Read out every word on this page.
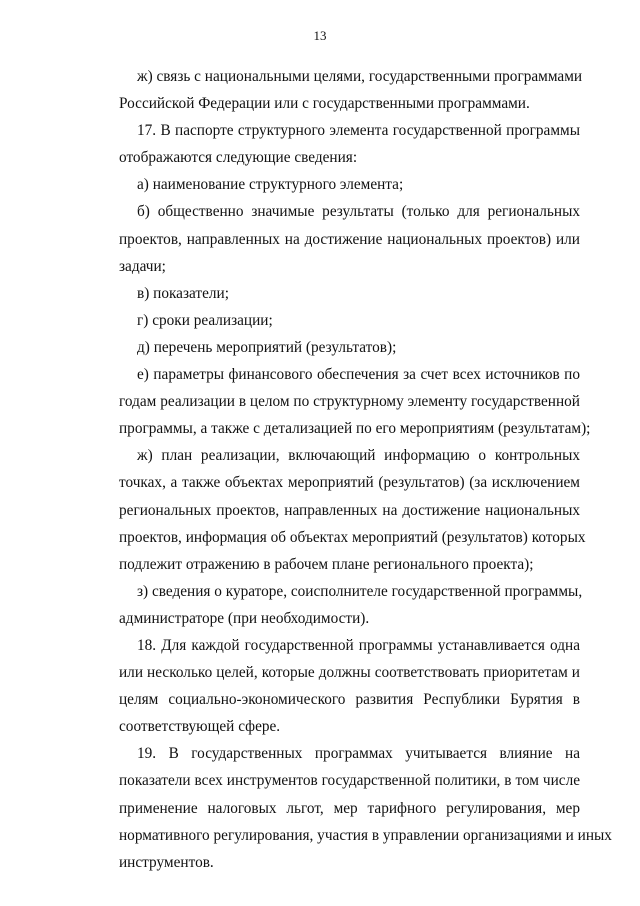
13
ж) связь с национальными целями, государственными программами
Российской Федерации или с государственными программами.
17. В паспорте структурного элемента государственной программы
отображаются следующие сведения:
а) наименование структурного элемента;
б) общественно значимые результаты (только для региональных
проектов, направленных на достижение национальных проектов) или
задачи;
в) показатели;
г) сроки реализации;
д) перечень мероприятий (результатов);
е) параметры финансового обеспечения за счет всех источников по
годам реализации в целом по структурному элементу государственной
программы, а также с детализацией по его мероприятиям (результатам);
ж) план реализации, включающий информацию о контрольных
точках, а также объектах мероприятий (результатов) (за исключением
региональных проектов, направленных на достижение национальных
проектов, информация об объектах мероприятий (результатов) которых
подлежит отражению в рабочем плане регионального проекта);
з) сведения о кураторе, соисполнителе государственной программы,
администраторе (при необходимости).
18. Для каждой государственной программы устанавливается одна
или несколько целей, которые должны соответствовать приоритетам и
целям социально-экономического развития Республики Бурятия в
соответствующей сфере.
19. В государственных программах учитывается влияние на
показатели всех инструментов государственной политики, в том числе
применение налоговых льгот, мер тарифного регулирования, мер
нормативного регулирования, участия в управлении организациями и иных
инструментов.
